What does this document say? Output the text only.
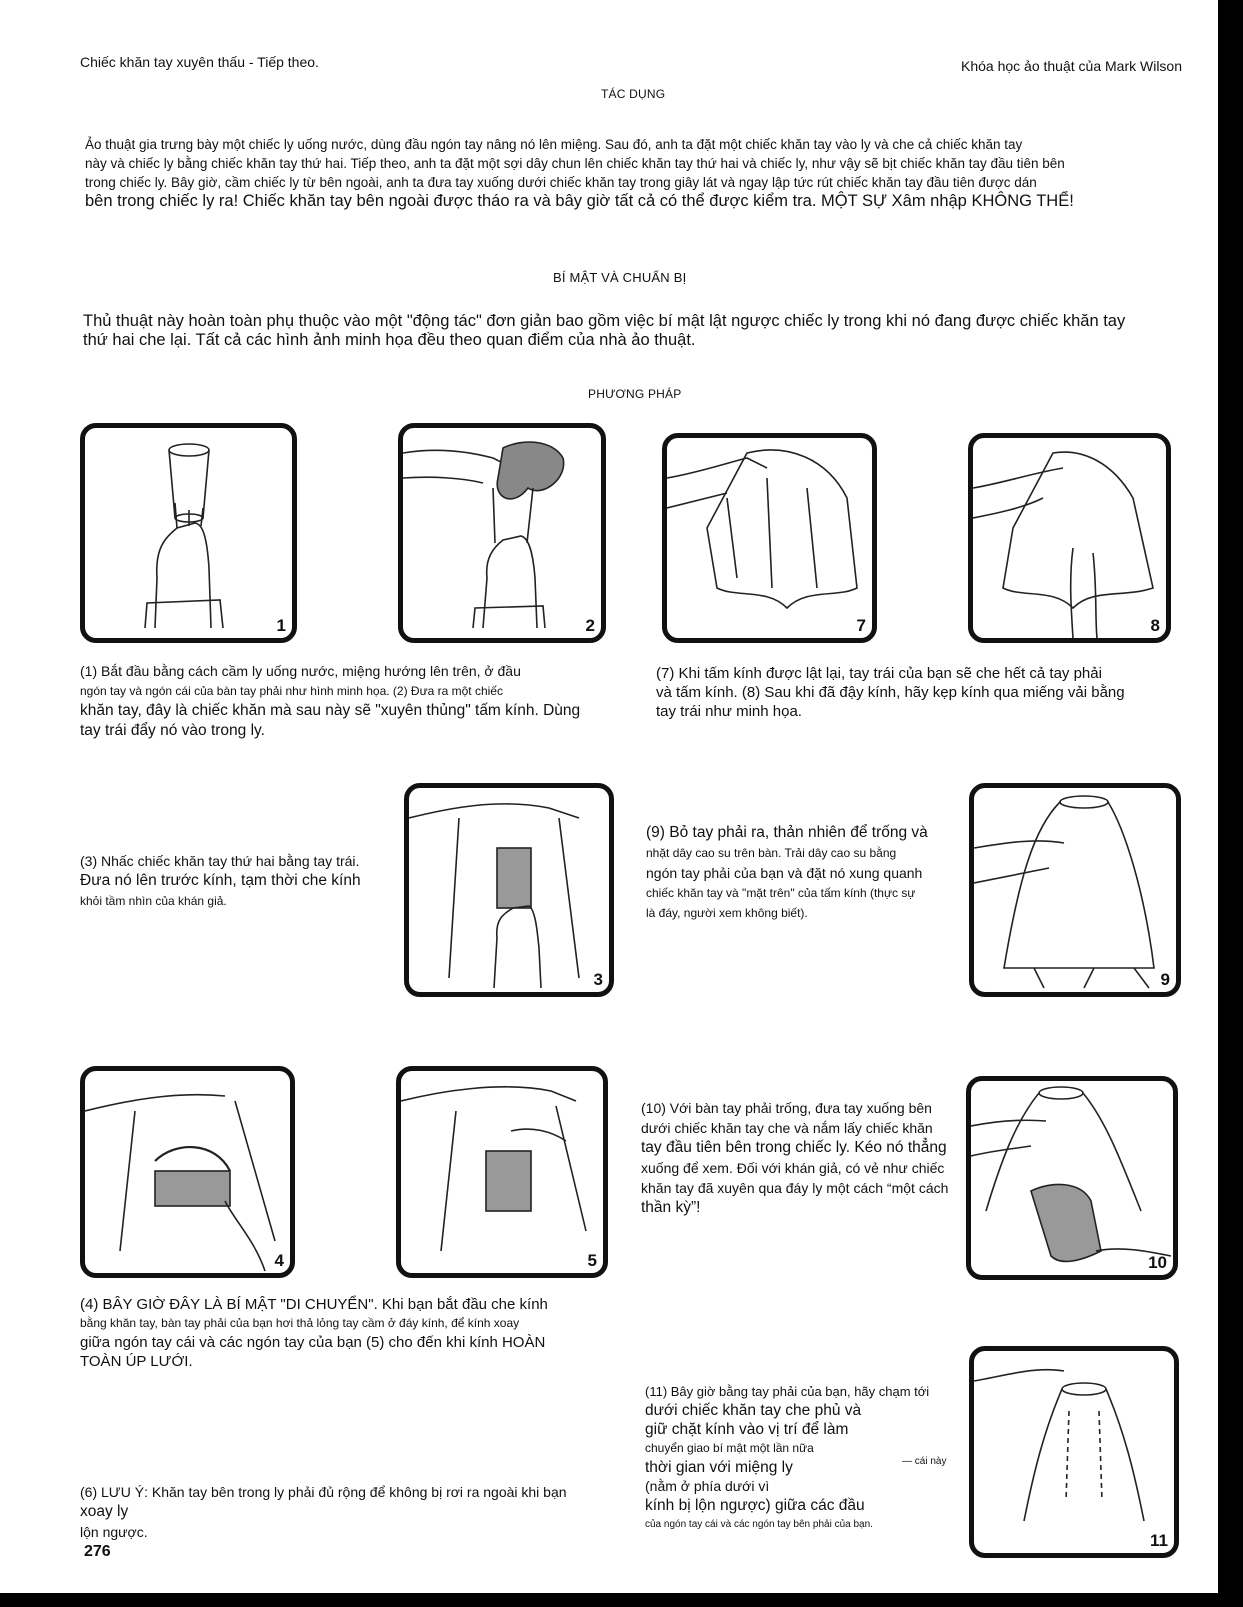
Chiếc khăn tay xuyên thấu - Tiếp theo.	Khóa học ảo thuật của Mark Wilson
TÁC DỤNG
Ảo thuật gia trưng bày một chiếc ly uống nước, dùng đầu ngón tay nâng nó lên miệng. Sau đó, anh ta đặt một chiếc khăn tay vào ly và che cả chiếc khăn tay
này và chiếc ly bằng chiếc khăn tay thứ hai. Tiếp theo, anh ta đặt một sợi dây chun lên chiếc khăn tay thứ hai và chiếc ly, như vậy sẽ bịt chiếc khăn tay đầu tiên bên
trong chiếc ly. Bây giờ, cầm chiếc ly từ bên ngoài, anh ta đưa tay xuống dưới chiếc khăn tay trong giây lát và ngay lập tức rút chiếc khăn tay đầu tiên được dán
bên trong chiếc ly ra! Chiếc khăn tay bên ngoài được tháo ra và bây giờ tất cả có thể được kiểm tra. MỘT SỰ Xâm nhập KHÔNG THỂ!
BÍ MẬT VÀ CHUẨN BỊ
Thủ thuật này hoàn toàn phụ thuộc vào một "động tác" đơn giản bao gồm việc bí mật lật ngược chiếc ly trong khi nó đang được chiếc khăn tay
thứ hai che lại. Tất cả các hình ảnh minh họa đều theo quan điểm của nhà ảo thuật.
PHƯƠNG PHÁP
1	2	7	8
(1) Bắt đầu bằng cách cầm ly uống nước, miệng hướng lên trên, ở đầu
ngón tay và ngón cái của bàn tay phải như hình minh họa. (2) Đưa ra một chiếc
khăn tay, đây là chiếc khăn mà sau này sẽ "xuyên thủng" tấm kính. Dùng
tay trái đẩy nó vào trong ly.
(7) Khi tấm kính được lật lại, tay trái của bạn sẽ che hết cả tay phải
và tấm kính. (8) Sau khi đã đậy kính, hãy kẹp kính qua miếng vải bằng
tay trái như minh họa.
(3) Nhấc chiếc khăn tay thứ hai bằng tay trái.
Đưa nó lên trước kính, tạm thời che kính
khỏi tầm nhìn của khán giả.
3
(9) Bỏ tay phải ra, thản nhiên để trống và
nhặt dây cao su trên bàn. Trải dây cao su bằng
ngón tay phải của bạn và đặt nó xung quanh
chiếc khăn tay và "mặt trên" của tấm kính (thực sự
là đáy, người xem không biết).
9
4	5
(10) Với bàn tay phải trống, đưa tay xuống bên
dưới chiếc khăn tay che và nắm lấy chiếc khăn
tay đầu tiên bên trong chiếc ly. Kéo nó thẳng
xuống để xem. Đối với khán giả, có vẻ như chiếc
khăn tay đã xuyên qua đáy ly một cách “một cách
thần kỳ”!
10
(4) BÂY GIỜ ĐÂY LÀ BÍ MẬT "DI CHUYỂN". Khi bạn bắt đầu che kính
bằng khăn tay, bàn tay phải của bạn hơi thả lỏng tay cầm ở đáy kính, để kính xoay
giữa ngón tay cái và các ngón tay của bạn (5) cho đến khi kính HOÀN
TOÀN ÚP LƯỚI.
(11) Bây giờ bằng tay phải của bạn, hãy chạm tới
dưới chiếc khăn tay che phủ và
giữ chặt kính vào vị trí để làm
chuyển giao bí mật một lần nữa
thời gian với miệng ly
(nằm ở phía dưới vì
kính bị lộn ngược) giữa các đầu
của ngón tay cái và các ngón tay bên phải của bạn.
— cái này
11
(6) LƯU Ý: Khăn tay bên trong ly phải đủ rộng để không bị rơi ra ngoài khi bạn
xoay ly
lộn ngược.
276
